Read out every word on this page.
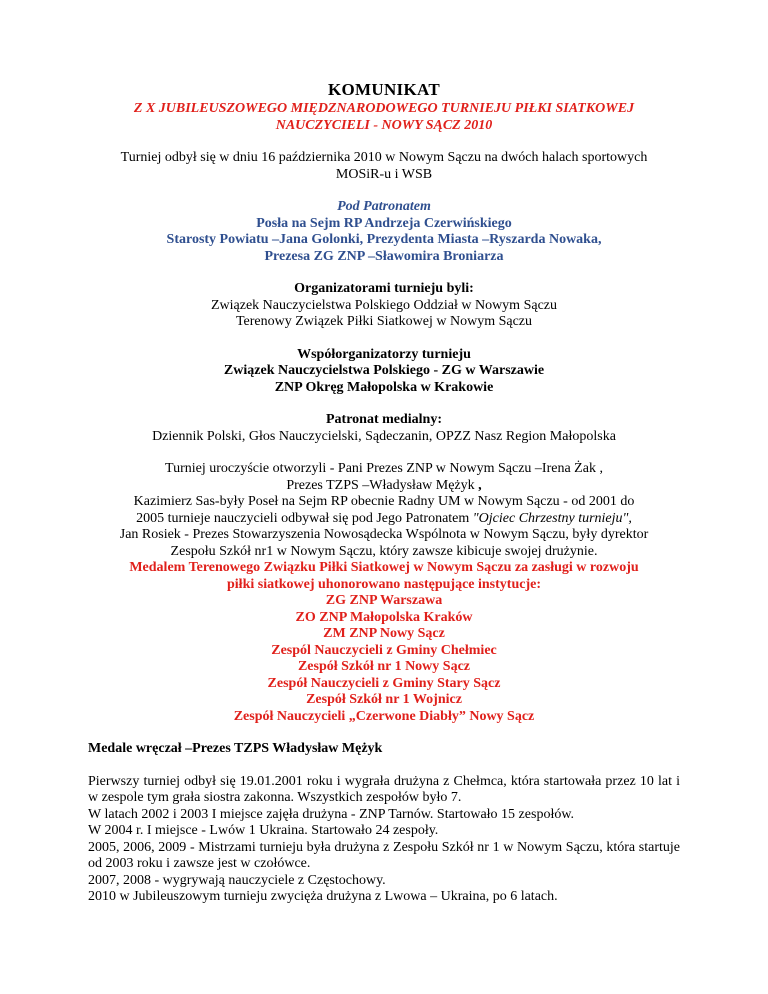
KOMUNIKAT

Z X JUBILEUSZOWEGO MIĘDZNARODOWEGO TURNIEJU PIŁKI SIATKOWEJ

NAUCZYCIELI - NOWY SĄCZ 2010

Turniej odbył się w dniu 16 października 2010 w Nowym Sączu na dwóch halach sportowych

MOSiR-u i WSB

Pod Patronatem

Posła na Sejm RP Andrzeja Czerwińskiego

Starosty Powiatu –Jana Golonki, Prezydenta Miasta –Ryszarda Nowaka,

Prezesa ZG ZNP –Sławomira Broniarza

Organizatorami turnieju byli:

Związek Nauczycielstwa Polskiego Oddział w Nowym Sączu

Terenowy Związek Piłki Siatkowej w Nowym Sączu

Współorganizatorzy turnieju

Związek Nauczycielstwa Polskiego - ZG w Warszawie

ZNP Okręg Małopolska w Krakowie

Patronat medialny:

Dziennik Polski, Głos Nauczycielski, Sądeczanin, OPZZ Nasz Region Małopolska

Turniej uroczyście otworzyli - Pani Prezes ZNP w Nowym Sączu –Irena Żak ,

Prezes TZPS –Władysław Mężyk ,

Kazimierz Sas-były Poseł na Sejm RP obecnie Radny UM w Nowym Sączu - od 2001 do

2005 turnieje nauczycieli odbywał się pod Jego Patronatem "Ojciec Chrzestny turnieju",

Jan Rosiek - Prezes Stowarzyszenia Nowosądecka Wspólnota w Nowym Sączu, były dyrektor

Zespołu Szkół nr1 w Nowym Sączu, który zawsze kibicuje swojej drużynie.

Medalem Terenowego Związku Piłki Siatkowej w Nowym Sączu za zasługi w rozwoju

piłki siatkowej uhonorowano następujące instytucje:

ZG ZNP Warszawa

ZO ZNP Małopolska Kraków

ZM ZNP Nowy Sącz

Zespól Nauczycieli z Gminy Chełmiec

Zespół Szkół nr 1 Nowy Sącz

Zespół Nauczycieli z Gminy Stary Sącz

Zespół Szkół nr 1 Wojnicz

Zespół Nauczycieli „Czerwone Diabły” Nowy Sącz

Medale wręczał –Prezes TZPS Władysław Mężyk

Pierwszy turniej odbył się 19.01.2001 roku i wygrała drużyna z Chełmca, która startowała przez 10 lat i w zespole tym grała siostra zakonna. Wszystkich zespołów było 7.

W latach 2002 i 2003 I miejsce zajęła drużyna - ZNP Tarnów. Startowało 15 zespołów.

W 2004 r. I miejsce - Lwów 1 Ukraina. Startowało 24 zespoły.

2005, 2006, 2009 - Mistrzami turnieju była drużyna z Zespołu Szkół nr 1 w Nowym Sączu, która startuje od 2003 roku i zawsze jest w czołówce.

2007, 2008 - wygrywają nauczyciele z Częstochowy.

2010 w Jubileuszowym turnieju zwycięża drużyna z Lwowa – Ukraina, po 6 latach.
